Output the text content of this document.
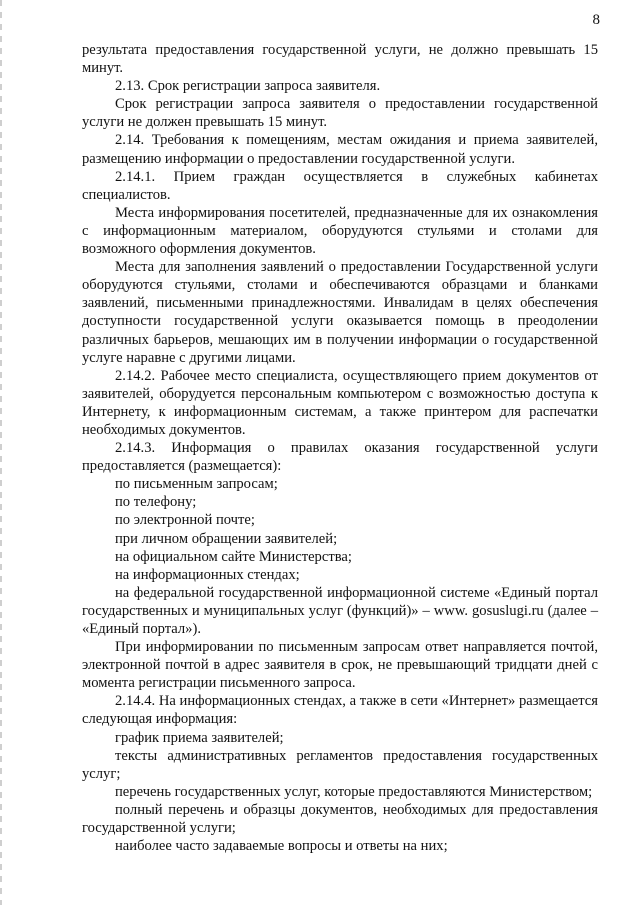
8

результата предоставления государственной услуги, не должно превышать 15 минут.

2.13. Срок регистрации запроса заявителя.

Срок регистрации запроса заявителя о предоставлении государственной услуги не должен превышать 15 минут.

2.14. Требования к помещениям, местам ожидания и приема заявителей, размещению информации о предоставлении государственной услуги.

2.14.1. Прием граждан осуществляется в служебных кабинетах специалистов.

Места информирования посетителей, предназначенные для их ознакомления с информационным материалом, оборудуются стульями и столами для возможного оформления документов.

Места для заполнения заявлений о предоставлении Государственной услуги оборудуются стульями, столами и обеспечиваются образцами и бланками заявлений, письменными принадлежностями. Инвалидам в целях обеспечения доступности государственной услуги оказывается помощь в преодолении различных барьеров, мешающих им в получении информации о государственной услуге наравне с другими лицами.

2.14.2. Рабочее место специалиста, осуществляющего прием документов от заявителей, оборудуется персональным компьютером с возможностью доступа к Интернету, к информационным системам, а также принтером для распечатки необходимых документов.

2.14.3. Информация о правилах оказания государственной услуги предоставляется (размещается):

по письменным запросам;

по телефону;

по электронной почте;

при личном обращении заявителей;

на официальном сайте Министерства;

на информационных стендах;

на федеральной государственной информационной системе «Единый портал государственных и муниципальных услуг (функций)» – www. gosuslugi.ru (далее – «Единый портал»).

При информировании по письменным запросам ответ направляется почтой, электронной почтой в адрес заявителя в срок, не превышающий тридцати дней с момента регистрации письменного запроса.

2.14.4. На информационных стендах, а также в сети «Интернет» размещается следующая информация:

график приема заявителей;

тексты административных регламентов предоставления государственных услуг;

перечень государственных услуг, которые предоставляются Министерством;

полный перечень и образцы документов, необходимых для предоставления государственной услуги;

наиболее часто задаваемые вопросы и ответы на них;
